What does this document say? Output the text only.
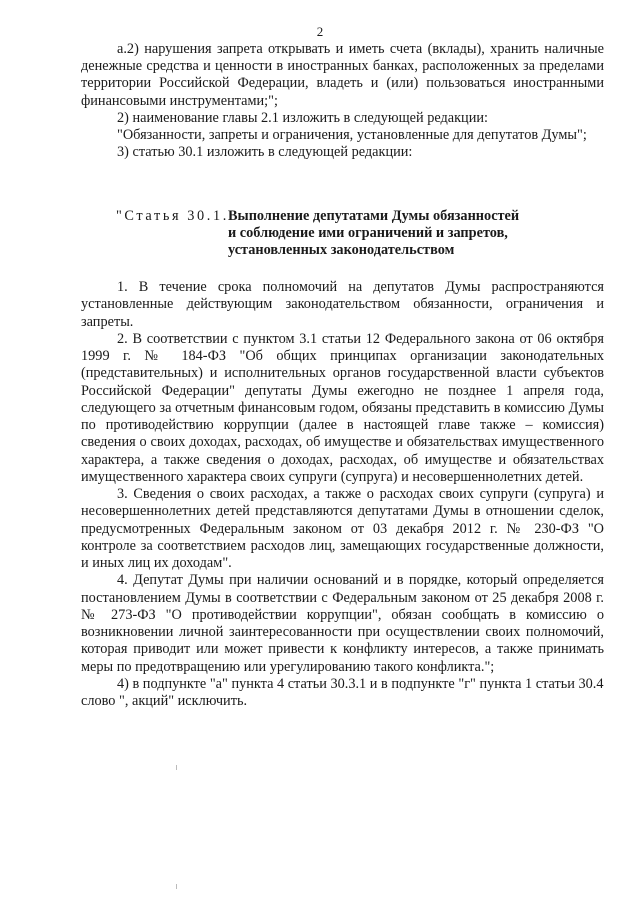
2

а.2) нарушения запрета открывать и иметь счета (вклады), хранить наличные денежные средства и ценности в иностранных банках, расположенных за пределами территории Российской Федерации, владеть и (или) пользоваться иностранными финансовыми инструментами;";

2) наименование главы 2.1 изложить в следующей редакции:

"Обязанности, запреты и ограничения, установленные для депутатов Думы";

3) статью 30.1 изложить в следующей редакции:

"Статья 30.1. Выполнение депутатами Думы обязанностей
и соблюдение ими ограничений и запретов,
установленных законодательством

1. В течение срока полномочий на депутатов Думы распространяются установленные действующим законодательством обязанности, ограничения и запреты.

2. В соответствии с пунктом 3.1 статьи 12 Федерального закона от 06 октября 1999 г. № 184-ФЗ "Об общих принципах организации законодательных (представительных) и исполнительных органов государственной власти субъектов Российской Федерации" депутаты Думы ежегодно не позднее 1 апреля года, следующего за отчетным финансовым годом, обязаны представить в комиссию Думы по противодействию коррупции (далее в настоящей главе также – комиссия) сведения о своих доходах, расходах, об имуществе и обязательствах имущественного характера, а также сведения о доходах, расходах, об имуществе и обязательствах имущественного характера своих супруги (супруга) и несовершеннолетних детей.

3. Сведения о своих расходах, а также о расходах своих супруги (супруга) и несовершеннолетних детей представляются депутатами Думы в отношении сделок, предусмотренных Федеральным законом от 03 декабря 2012 г. № 230-ФЗ "О контроле за соответствием расходов лиц, замещающих государственные должности, и иных лиц их доходам".

4. Депутат Думы при наличии оснований и в порядке, который определяется постановлением Думы в соответствии с Федеральным законом от 25 декабря 2008 г. № 273-ФЗ "О противодействии коррупции", обязан сообщать в комиссию о возникновении личной заинтересованности при осуществлении своих полномочий, которая приводит или может привести к конфликту интересов, а также принимать меры по предотвращению или урегулированию такого конфликта.";

4) в подпункте "а" пункта 4 статьи 30.3.1 и в подпункте "г" пункта 1 статьи 30.4 слово ", акций" исключить.
